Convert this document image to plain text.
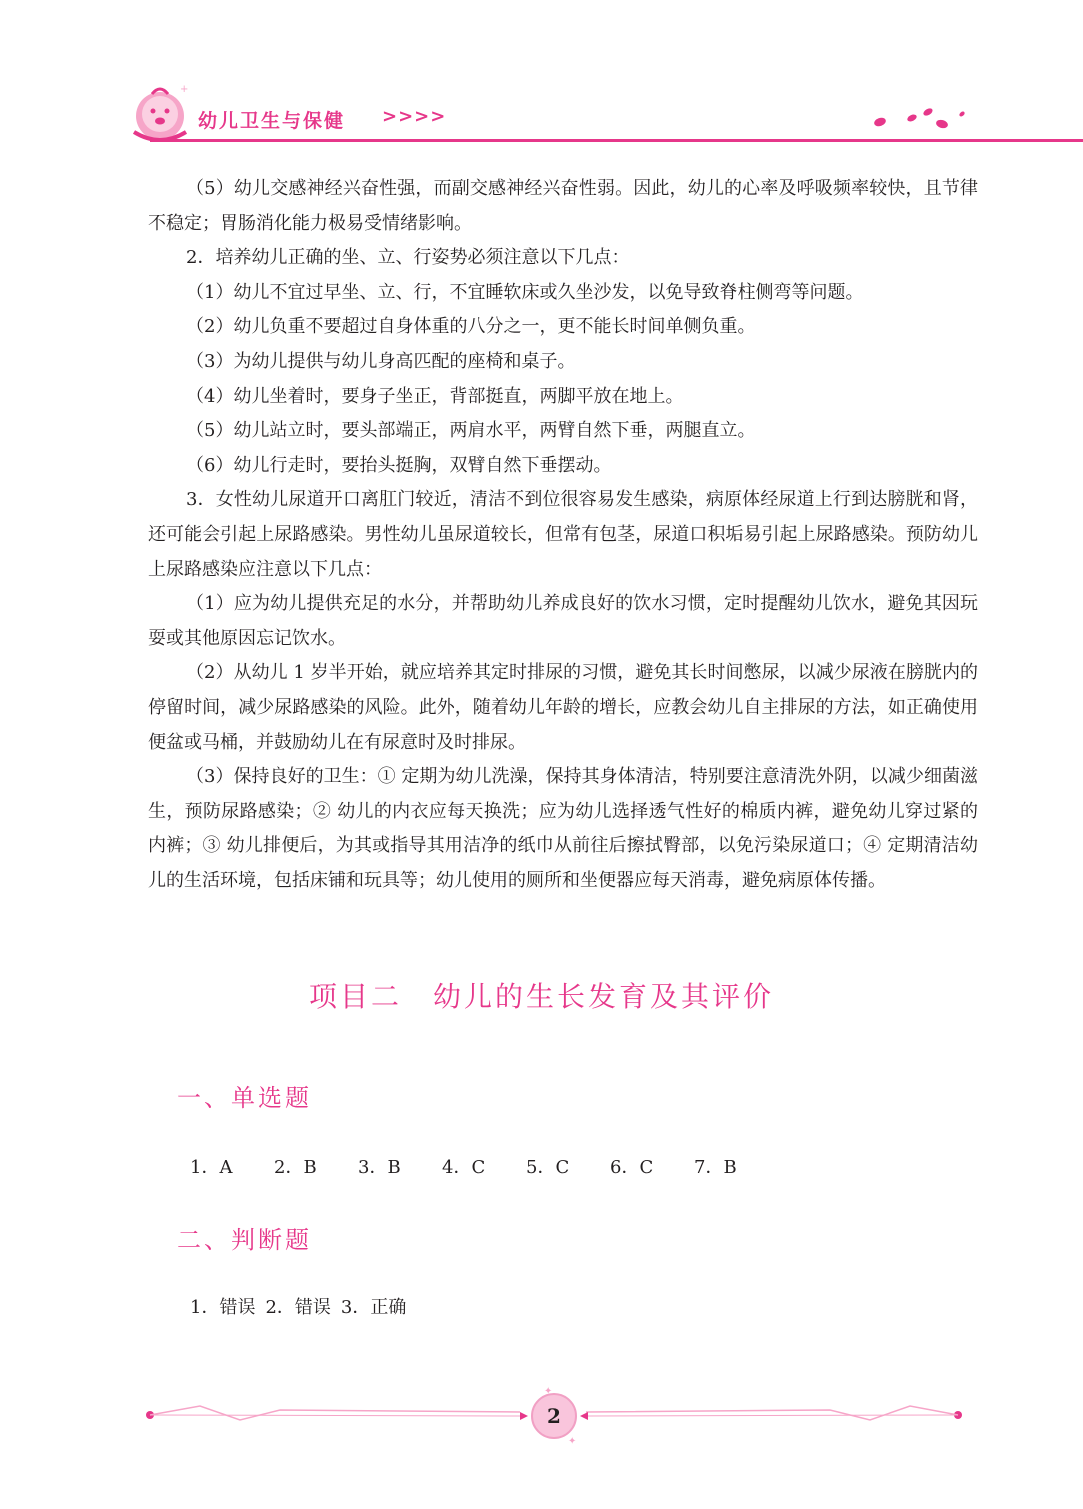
+
幼儿卫生与保健 >>>>

（5）幼儿交感神经兴奋性强，而副交感神经兴奋性弱。因此，幼儿的心率及呼吸频率较快，且节律不稳定；胃肠消化能力极易受情绪影响。

2．培养幼儿正确的坐、立、行姿势必须注意以下几点：

（1）幼儿不宜过早坐、立、行，不宜睡软床或久坐沙发，以免导致脊柱侧弯等问题。

（2）幼儿负重不要超过自身体重的八分之一，更不能长时间单侧负重。

（3）为幼儿提供与幼儿身高匹配的座椅和桌子。

（4）幼儿坐着时，要身子坐正，背部挺直，两脚平放在地上。

（5）幼儿站立时，要头部端正，两肩水平，两臂自然下垂，两腿直立。

（6）幼儿行走时，要抬头挺胸，双臂自然下垂摆动。

3．女性幼儿尿道开口离肛门较近，清洁不到位很容易发生感染，病原体经尿道上行到达膀胱和肾，还可能会引起上尿路感染。男性幼儿虽尿道较长，但常有包茎，尿道口积垢易引起上尿路感染。预防幼儿上尿路感染应注意以下几点：

（1）应为幼儿提供充足的水分，并帮助幼儿养成良好的饮水习惯，定时提醒幼儿饮水，避免其因玩耍或其他原因忘记饮水。

（2）从幼儿 1 岁半开始，就应培养其定时排尿的习惯，避免其长时间憋尿，以减少尿液在膀胱内的停留时间，减少尿路感染的风险。此外，随着幼儿年龄的增长，应教会幼儿自主排尿的方法，如正确使用便盆或马桶，并鼓励幼儿在有尿意时及时排尿。

（3）保持良好的卫生：① 定期为幼儿洗澡，保持其身体清洁，特别要注意清洗外阴，以减少细菌滋生，预防尿路感染；② 幼儿的内衣应每天换洗；应为幼儿选择透气性好的棉质内裤，避免幼儿穿过紧的内裤；③ 幼儿排便后，为其或指导其用洁净的纸巾从前往后擦拭臀部，以免污染尿道口；④ 定期清洁幼儿的生活环境，包括床铺和玩具等；幼儿使用的厕所和坐便器应每天消毒，避免病原体传播。

项目二　幼儿的生长发育及其评价
一、单选题
1．A	2．B	3．B	4．C	5．C	6．C	7．B
二、判断题
1．错误 2．错误 3．正确
✦
✦
2
